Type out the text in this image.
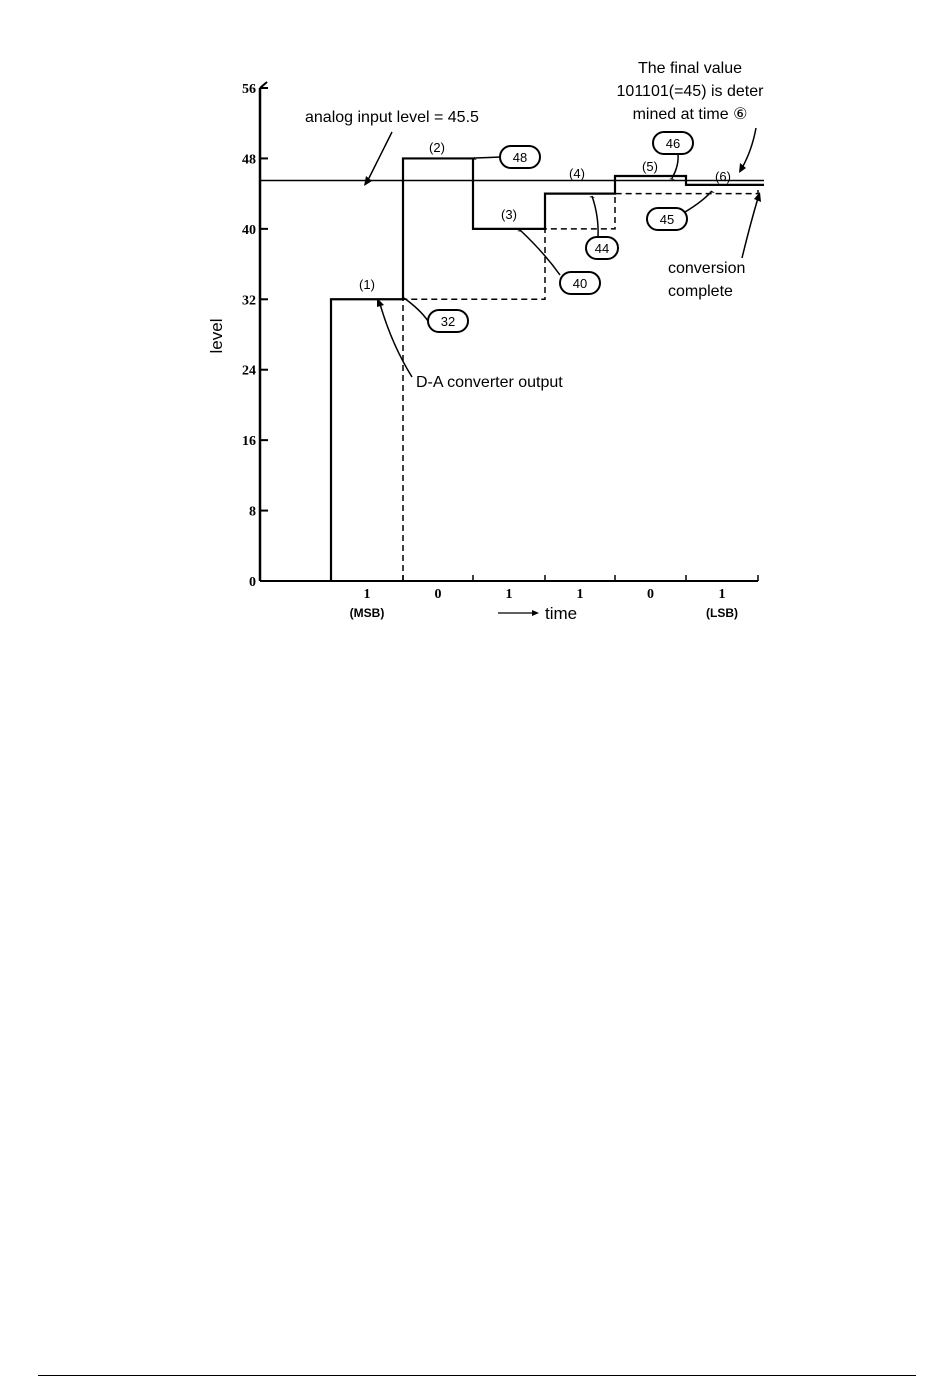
32
48
40
44
46
45
0
8
16
24
32
40
48
56
1	0	1	1	0	1
(MSB)	(LSB)
time
level
(1)
(2)
(3)
(4)	(5)
(6)
analog input level = 45.5
D-A converter output
The final value
101101(=45) is deter
mined at time ⑥
conversion
complete
